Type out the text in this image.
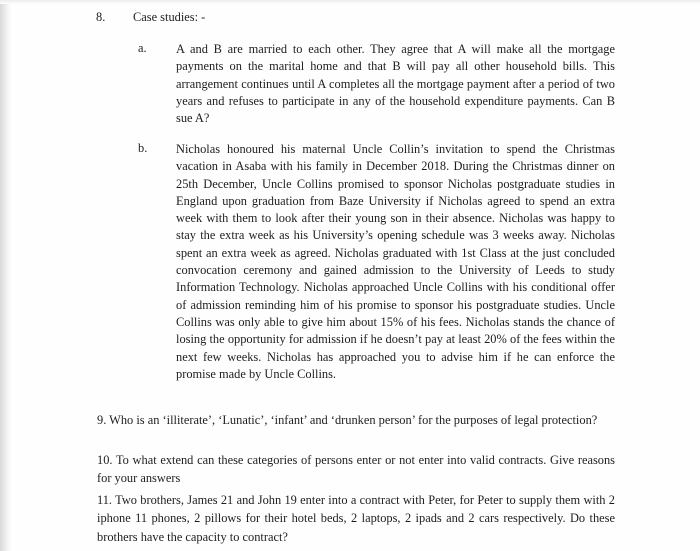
8. Case studies: -
a. A and B are married to each other. They agree that A will make all the mortgage payments on the marital home and that B will pay all other household bills. This arrangement continues until A completes all the mortgage payment after a period of two years and refuses to participate in any of the household expenditure payments. Can B sue A?

b. Nicholas honoured his maternal Uncle Collin’s invitation to spend the Christmas vacation in Asaba with his family in December 2018. During the Christmas dinner on 25th December, Uncle Collins promised to sponsor Nicholas postgraduate studies in England upon graduation from Baze University if Nicholas agreed to spend an extra week with them to look after their young son in their absence. Nicholas was happy to stay the extra week as his University’s opening schedule was 3 weeks away. Nicholas spent an extra week as agreed. Nicholas graduated with 1st Class at the just concluded convocation ceremony and gained admission to the University of Leeds to study Information Technology. Nicholas approached Uncle Collins with his conditional offer of admission reminding him of his promise to sponsor his postgraduate studies. Uncle Collins was only able to give him about 15% of his fees. Nicholas stands the chance of losing the opportunity for admission if he doesn’t pay at least 20% of the fees within the next few weeks. Nicholas has approached you to advise him if he can enforce the promise made by Uncle Collins.

9. Who is an ‘illiterate’, ‘Lunatic’, ‘infant’ and ‘drunken person’ for the purposes of legal protection?

10. To what extend can these categories of persons enter or not enter into valid contracts. Give reasons for your answers

11. Two brothers, James 21 and John 19 enter into a contract with Peter, for Peter to supply them with 2 iphone 11 phones, 2 pillows for their hotel beds, 2 laptops, 2 ipads and 2 cars respectively. Do these brothers have the capacity to contract?
